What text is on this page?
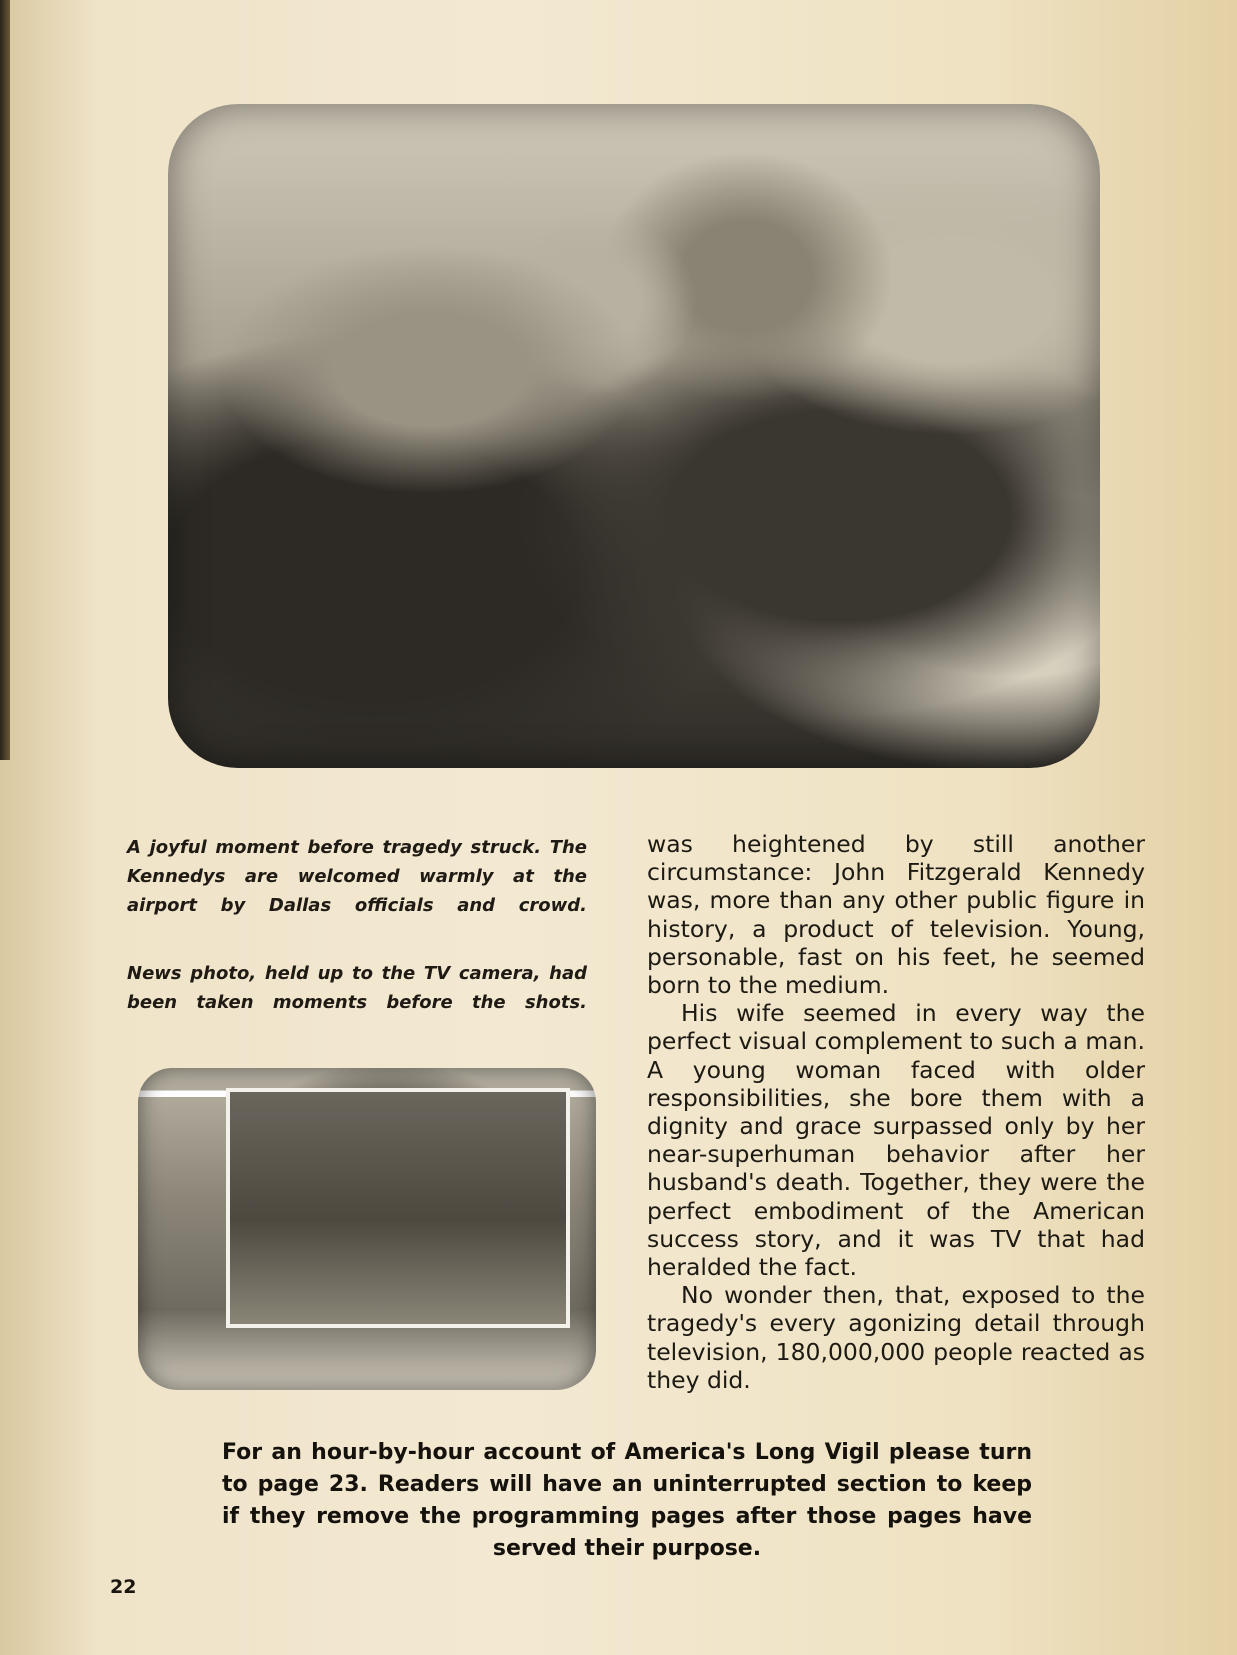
A joyful moment before tragedy struck. The Kennedys are welcomed warmly at the airport by Dallas officials and crowd.
News photo, held up to the TV camera, had been taken moments before the shots.

was heightened by still another circumstance: John Fitzgerald Kennedy was, more than any other public figure in history, a product of television. Young, personable, fast on his feet, he seemed born to the medium.

His wife seemed in every way the perfect visual complement to such a man. A young woman faced with older responsibilities, she bore them with a dignity and grace surpassed only by her near-superhuman behavior after her husband's death. Together, they were the perfect embodiment of the American success story, and it was TV that had heralded the fact.

No wonder then, that, exposed to the tragedy's every agonizing detail through television, 180,000,000 people reacted as they did.

For an hour-by-hour account of America's Long Vigil please turn to page 23. Readers will have an uninterrupted section to keep if they remove the programming pages after those pages have served their purpose.
22
